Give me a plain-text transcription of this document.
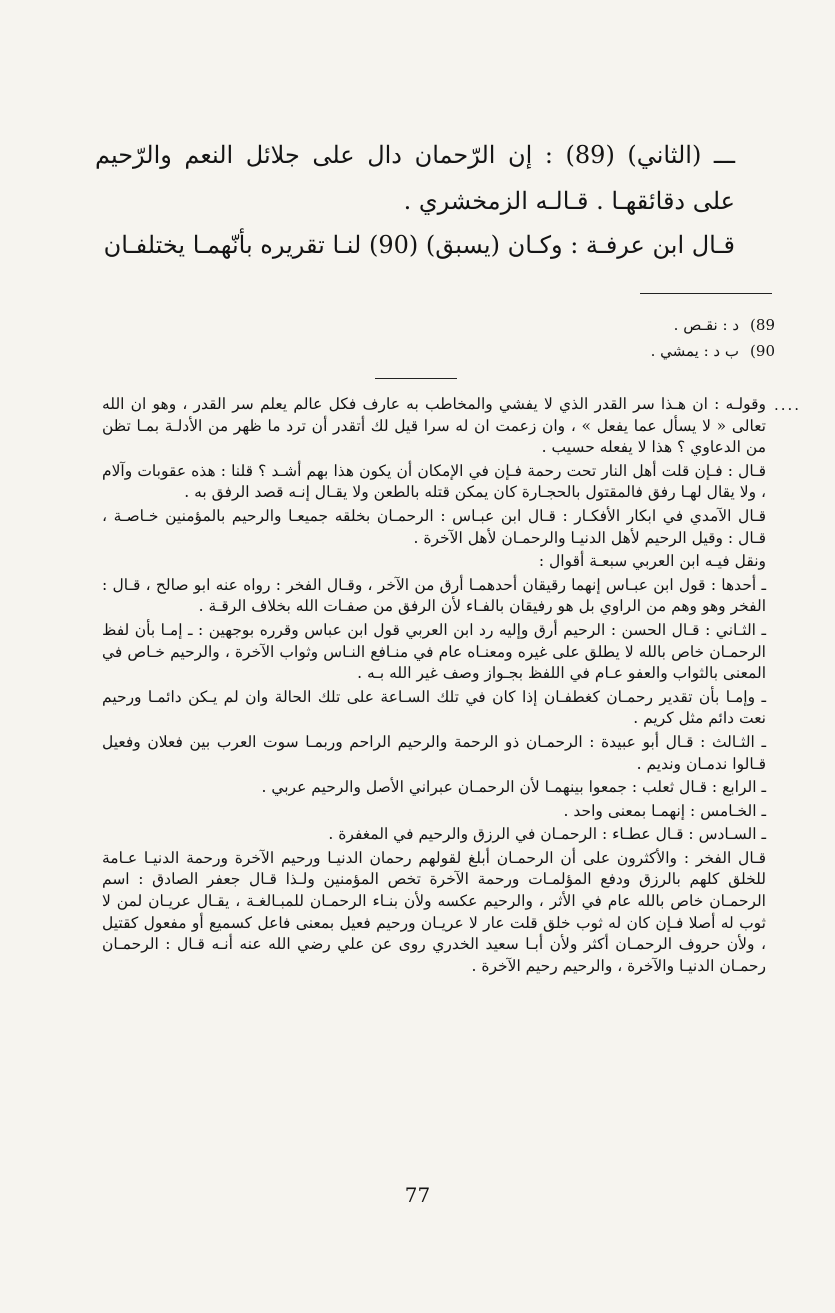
ـــ (الثاني) (89) : إن الرّحمان دال على جلائل النعم والرّحيم على دقائقهـا . قـالـه الزمخشري .

قـال ابن عرفـة : وكـان (يسبق) (90) لنـا تقريره بأنّهمـا يختلفـان

89)
د : نقـص .
90)
ب د : يمشي .
....

وقولـه : ان هـذا سر القدر الذي لا يفشي والمخاطب به عارف فكل عالم يعلم سر القدر ، وهو ان الله تعالى « لا يسأل عما يفعل » ، وان زعمت ان له سرا قيل لك أتقدر أن ترد ما ظهر من الأدلـة بمـا تظن من الدعاوي ؟ هذا لا يفعله حسيب .

قـال : فـإن قلت أهل النار تحت رحمة فـإن في الإمكان أن يكون هذا بهم أشـد ؟ قلنا : هذه عقوبات وآلام ، ولا يقال لهـا رفق فالمقتول بالحجـارة كان يمكن قتله بالطعن ولا يقـال إنـه قصد الرفق به .

قـال الآمدي في ابكار الأفكـار : قـال ابن عبـاس : الرحمـان بخلقه جميعـا والرحيم بالمؤمنين خـاصـة ، قـال : وقيل الرحيم لأهل الدنيـا والرحمـان لأهل الآخرة .

ونقل فيـه ابن العربي سبعـة أقوال :

ـ أحدها : قول ابن عبـاس إنهما رقيقان أحدهمـا أرق من الآخر ، وقـال الفخر : رواه عنه ابو صالح ، قـال : الفخر وهو وهم من الراوي بل هو رفيقان بالفـاء لأن الرفق من صفـات الله بخلاف الرقـة .

ـ الثـاني : قـال الحسن : الرحيم أرق وإليه رد ابن العربي قول ابن عباس وقرره بوجهين : ـ إمـا بأن لفظ الرحمـان خاص بالله لا يطلق على غيره ومعنـاه عام في منـافع النـاس وثواب الآخرة ، والرحيم خـاص في المعنى بالثواب والعفو عـام في اللفظ بجـواز وصف غير الله بـه .

ـ وإمـا بأن تقدير رحمـان كغطفـان إذا كان في تلك السـاعة على تلك الحالة وان لم يـكن دائمـا ورحيم نعت دائم مثل كريم .

ـ الثـالث : قـال أبو عبيدة : الرحمـان ذو الرحمة والرحيم الراحم وربمـا سوت العرب بين فعلان وفعيل قـالوا ندمـان ونديم .

ـ الرابع : قـال ثعلب : جمعوا بينهمـا لأن الرحمـان عبراني الأصل والرحيم عربي .

ـ الخـامس : إنهمـا بمعنى واحد .

ـ السـادس : قـال عطـاء : الرحمـان في الرزق والرحيم في المغفرة .

قـال الفخر : والأكثرون على أن الرحمـان أبلغ لقولهم رحمان الدنيـا ورحيم الآخرة ورحمة الدنيـا عـامة للخلق كلهم بالرزق ودفع المؤلمـات ورحمة الآخرة تخص المؤمنين ولـذا قـال جعفر الصادق : اسم الرحمـان خاص بالله عام في الأثر ، والرحيم عكسه ولأن بنـاء الرحمـان للمبـالغـة ، يقـال عريـان لمن لا ثوب له أصلا فـإن كان له ثوب خلق قلت عار لا عريـان ورحيم فعيل بمعنى فاعل كسميع أو مفعول كقتيل ، ولأن حروف الرحمـان أكثر ولأن أبـا سعيد الخدري روى عن علي رضي الله عنه أنـه قـال : الرحمـان رحمـان الدنيـا والآخرة ، والرحيم رحيم الآخرة .

77
